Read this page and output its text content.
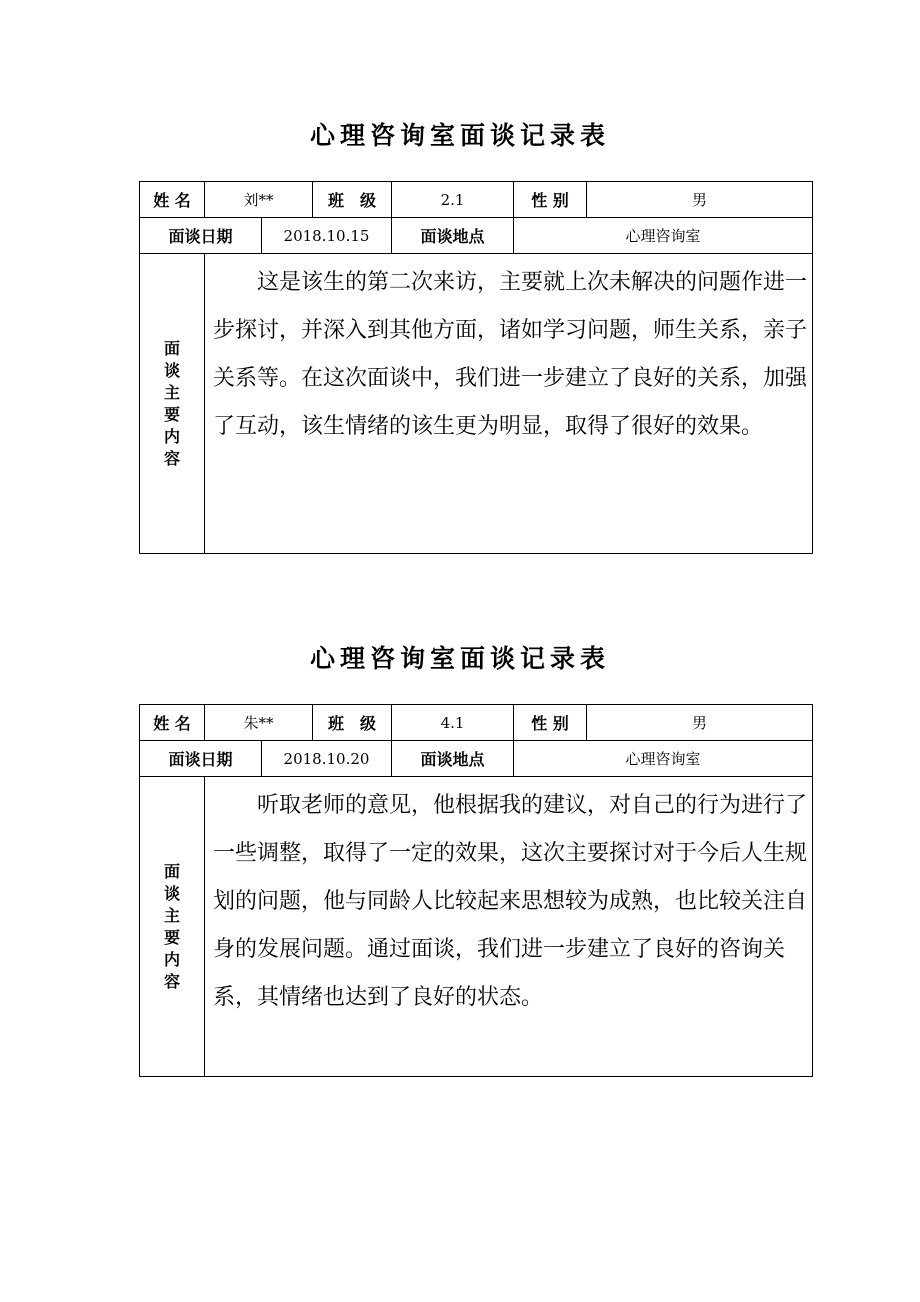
心理咨询室面谈记录表
姓 名	刘**	班　级	2.1	性 别	男
面谈日期	2018.10.15	面谈地点	心理咨询室
面谈主要内容
这是该生的第二次来访，主要就上次未解决的问题作进一步探讨，并深入到其他方面，诸如学习问题，师生关系，亲子关系等。在这次面谈中，我们进一步建立了良好的关系，加强了互动，该生情绪的该生更为明显，取得了很好的效果。
心理咨询室面谈记录表
姓 名	朱**	班　级	4.1	性 别	男
面谈日期	2018.10.20	面谈地点	心理咨询室
面谈主要内容
听取老师的意见，他根据我的建议，对自己的行为进行了一些调整，取得了一定的效果，这次主要探讨对于今后人生规划的问题，他与同龄人比较起来思想较为成熟，也比较关注自身的发展问题。通过面谈，我们进一步建立了良好的咨询关系，其情绪也达到了良好的状态。
